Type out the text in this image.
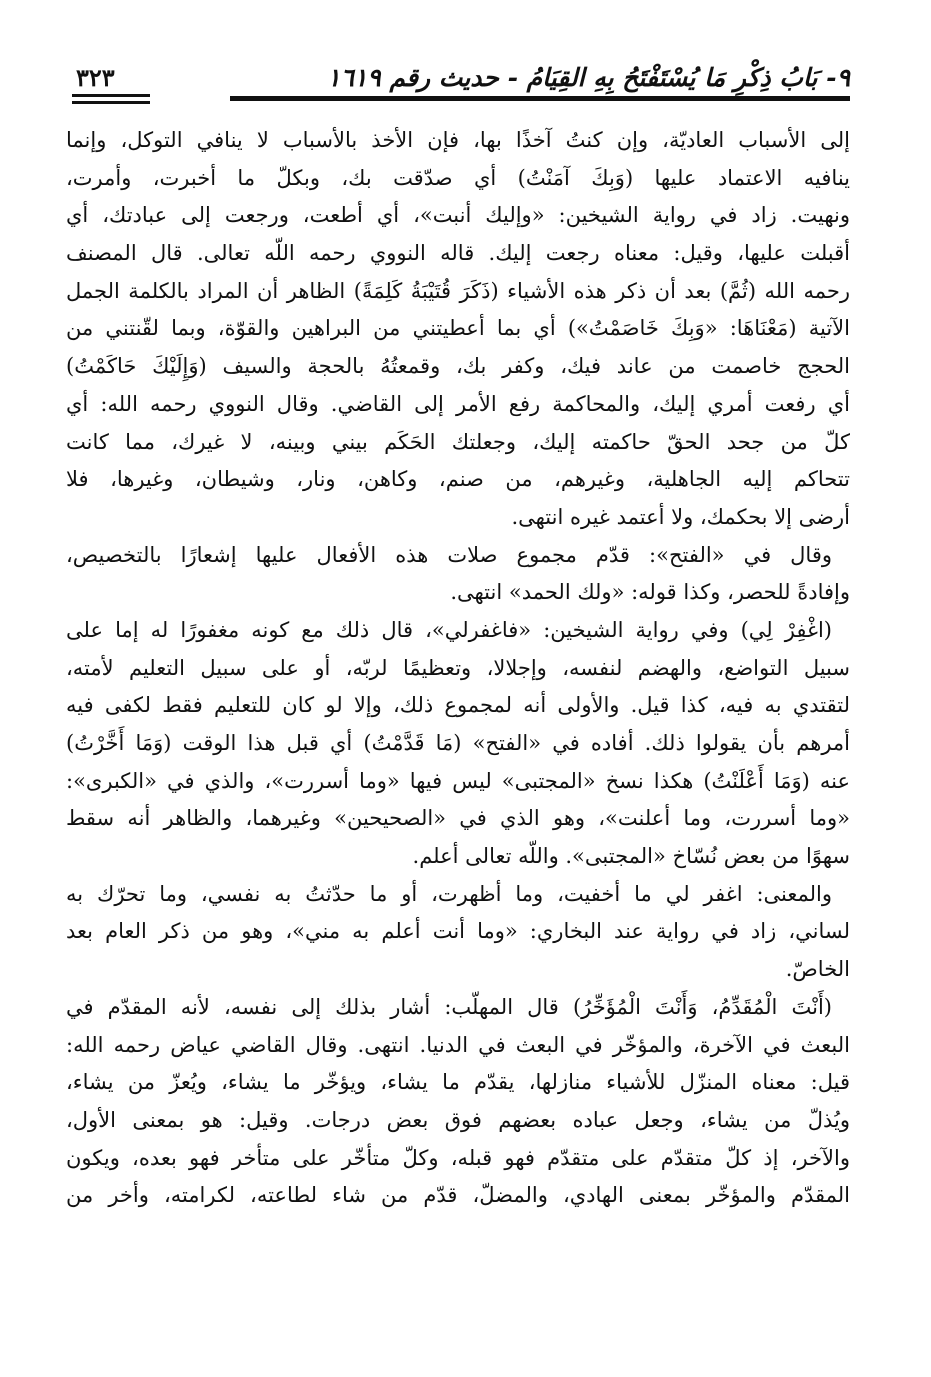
٩- بَابُ ذِكْرِ مَا يُسْتَفْتَحُ بِهِ القِيَامُ - حديث رقم ١٦١٩
٣٢٣
إلى الأسباب العاديّة، وإن كنتُ آخذًا بها، فإن الأخذ بالأسباب لا ينافي التوكل، وإنما
ينافيه الاعتماد عليها (وَبِكَ آمَنْتُ) أي صدّقت بك، وبكلّ ما أخبرت، وأمرت،
ونهيت. زاد في رواية الشيخين: «وإليك أنبت»، أي أطعت، ورجعت إلى عبادتك، أي
أقبلت عليها، وقيل: معناه رجعت إليك. قاله النووي رحمه اللّه تعالى. قال المصنف
رحمه الله (ثُمَّ) بعد أن ذكر هذه الأشياء (ذَكَرَ قُتَيْبَةُ كَلِمَةً) الظاهر أن المراد بالكلمة الجمل
الآتية (مَعْنَاهَا: «وَبِكَ خَاصَمْتُ») أي بما أعطيتني من البراهين والقوّة، وبما لقّنتني من
الحجج خاصمت من عاند فيك، وكفر بك، وقمعتُهُ بالحجة والسيف (وَإِلَيْكَ حَاكَمْتُ)
أي رفعت أمري إليك، والمحاكمة رفع الأمر إلى القاضي. وقال النووي رحمه الله: أي
كلّ من جحد الحقّ حاكمته إليك، وجعلتك الحَكَم بيني وبينه، لا غيرك، مما كانت
تتحاكم إليه الجاهلية، وغيرهم، من صنم، وكاهن، ونار، وشيطان، وغيرها، فلا
أرضى إلا بحكمك، ولا أعتمد غيره انتهى.
وقال في «الفتح»: قدّم مجموع صلات هذه الأفعال عليها إشعارًا بالتخصيص،
وإفادةً للحصر، وكذا قوله: «ولك الحمد» انتهى.
(اغْفِرْ لِي) وفي رواية الشيخين: «فاغفرلي»، قال ذلك مع كونه مغفورًا له إما على
سبيل التواضع، والهضم لنفسه، وإجلالا، وتعظيمًا لربّه، أو على سبيل التعليم لأمته،
لتقتدي به فيه، كذا قيل. والأولى أنه لمجموع ذلك، وإلا لو كان للتعليم فقط لكفى فيه
أمرهم بأن يقولوا ذلك. أفاده في «الفتح» (مَا قَدَّمْتُ) أي قبل هذا الوقت (وَمَا أَخَّرْتُ)
عنه (وَمَا أَعْلَنْتُ) هكذا نسخ «المجتبى» ليس فيها «وما أسررت»، والذي في «الكبرى»:
«وما أسررت، وما أعلنت»، وهو الذي في «الصحيحين» وغيرهما، والظاهر أنه سقط
سهوًا من بعض نُسّاخ «المجتبى». واللّه تعالى أعلم.
والمعنى: اغفر لي ما أخفيت، وما أظهرت، أو ما حدّثتُ به نفسي، وما تحرّك به
لساني، زاد في رواية عند البخاري: «وما أنت أعلم به مني»، وهو من ذكر العام بعد
الخاصّ.
(أَنْتَ الْمُقَدِّمُ، وَأَنْتَ الْمُؤَخِّرُ) قال المهلّب: أشار بذلك إلى نفسه، لأنه المقدّم في
البعث في الآخرة، والمؤخّر في البعث في الدنيا. انتهى. وقال القاضي عياض رحمه الله:
قيل: معناه المنزّل للأشياء منازلها، يقدّم ما يشاء، ويؤخّر ما يشاء، ويُعزّ من يشاء،
ويُذلّ من يشاء، وجعل عباده بعضهم فوق بعض درجات. وقيل: هو بمعنى الأول،
والآخر، إذ كلّ متقدّم على متقدّم فهو قبله، وكلّ متأخّر على متأخر فهو بعده، ويكون
المقدّم والمؤخّر بمعنى الهادي، والمضلّ، قدّم من شاء لطاعته، لكرامته، وأخر من
